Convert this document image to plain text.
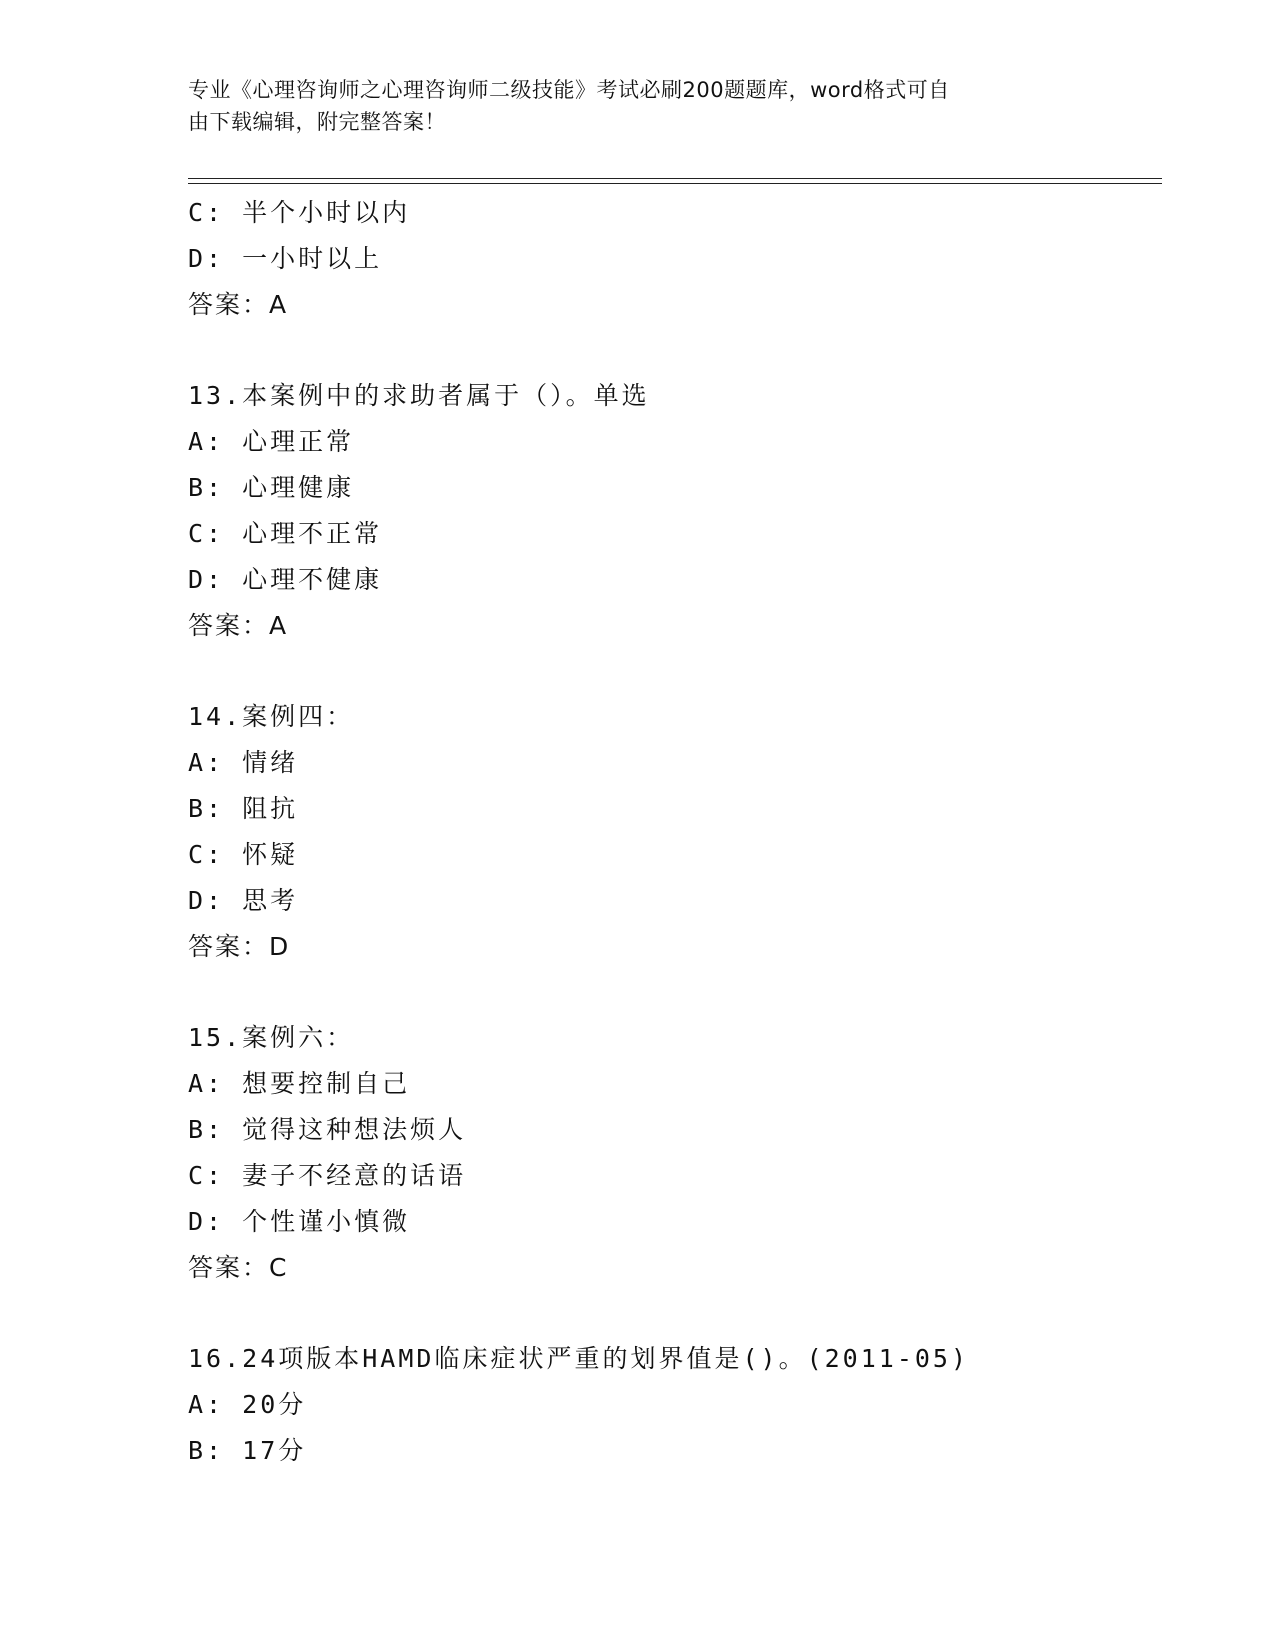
专业《心理咨询师之心理咨询师二级技能》考试必刷200题题库，word格式可自
由下载编辑，附完整答案！
C: 半个小时以内
D: 一小时以上
答案：A
13.本案例中的求助者属于（）。单选
A: 心理正常
B: 心理健康
C: 心理不正常
D: 心理不健康
答案：A
14.案例四：
A: 情绪
B: 阻抗
C: 怀疑
D: 思考
答案：D
15.案例六：
A: 想要控制自己
B: 觉得这种想法烦人
C: 妻子不经意的话语
D: 个性谨小慎微
答案：C
16.24项版本HAMD临床症状严重的划界值是()。(2011-05)
A: 20分
B: 17分
